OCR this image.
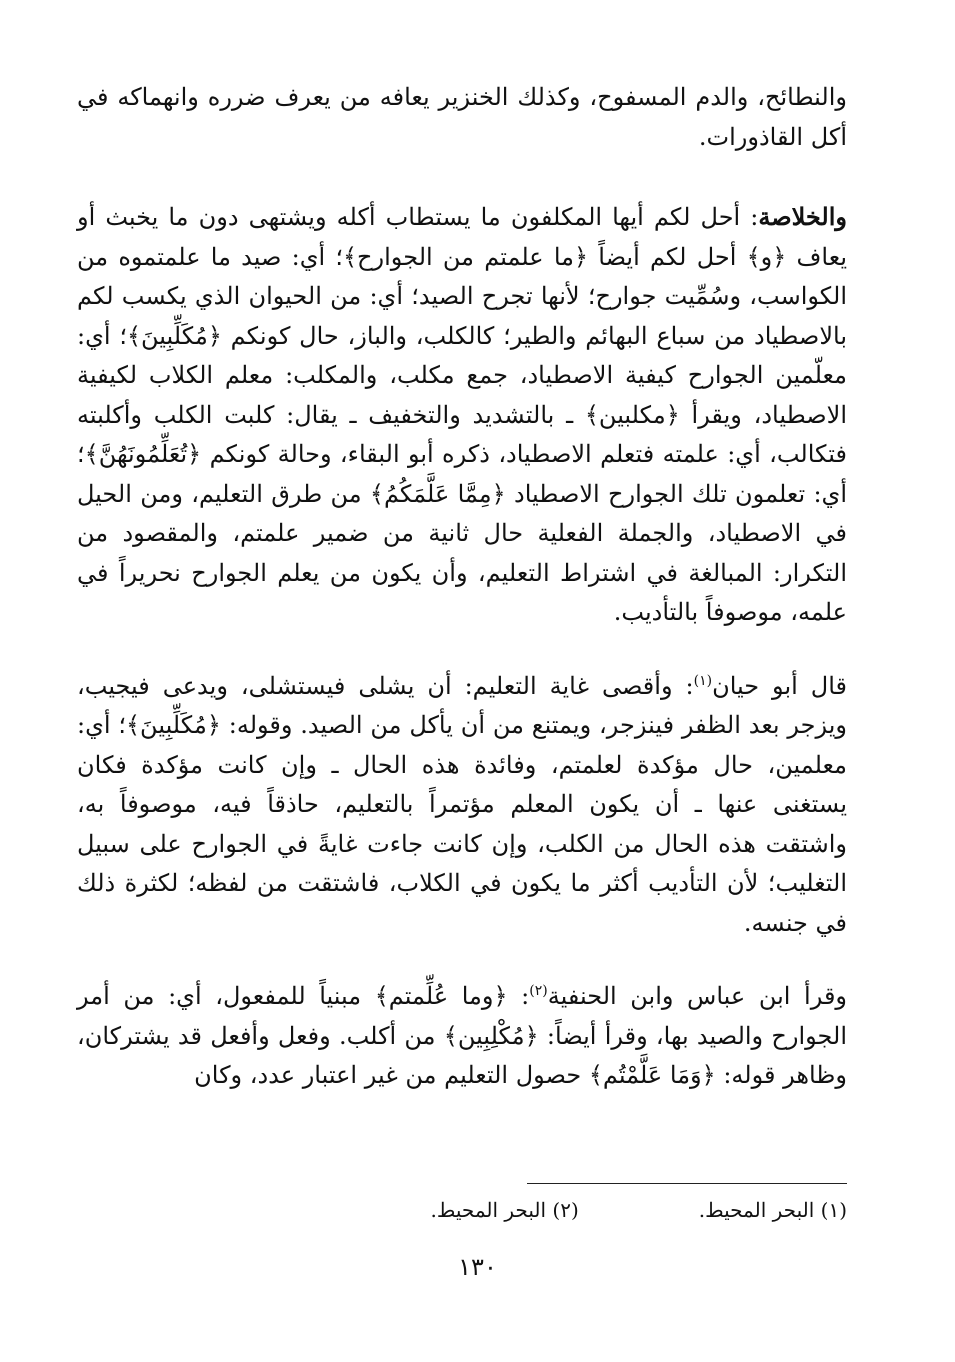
والنطائح، والدم المسفوح، وكذلك الخنزير يعافه من يعرف ضرره وانهماكه في أكل القاذورات.

والخلاصة: أحل لكم أيها المكلفون ما يستطاب أكله ويشتهى دون ما يخبث أو يعاف ﴿و﴾ أحل لكم أيضاً ﴿ما علمتم من الجوارح﴾؛ أي: صيد ما علمتموه من الكواسب، وسُمِّيت جوارح؛ لأنها تجرح الصيد؛ أي: من الحيوان الذي يكسب لكم بالاصطياد من سباع البهائم والطير؛ كالكلب، والباز، حال كونكم ﴿مُكَلِّبِينَ﴾؛ أي: معلّمين الجوارح كيفية الاصطياد، جمع مكلب، والمكلب: معلم الكلاب لكيفية الاصطياد، ويقرأ ﴿مكلبين﴾ ـ بالتشديد والتخفيف ـ يقال: كلبت الكلب وأكلبته فتكالب، أي: علمته فتعلم الاصطياد، ذكره أبو البقاء، وحالة كونكم ﴿تُعَلِّمُونَهُنَّ﴾؛ أي: تعلمون تلك الجوارح الاصطياد ﴿مِمَّا عَلَّمَكُمُ﴾ من طرق التعليم، ومن الحيل في الاصطياد، والجملة الفعلية حال ثانية من ضمير علمتم، والمقصود من التكرار: المبالغة في اشتراط التعليم، وأن يكون من يعلم الجوارح نحريراً في علمه، موصوفاً بالتأديب.

قال أبو حيان$^{(١)}$: وأقصى غاية التعليم: أن يشلى فيستشلى، ويدعى فيجيب، ويزجر بعد الظفر فينزجر، ويمتنع من أن يأكل من الصيد. وقوله: ﴿مُكَلِّبِينَ﴾؛ أي: معلمين، حال مؤكدة لعلمتم، وفائدة هذه الحال ـ وإن كانت مؤكدة فكان يستغنى عنها ـ أن يكون المعلم مؤتمراً بالتعليم، حاذقاً فيه، موصوفاً به، واشتقت هذه الحال من الكلب، وإن كانت جاءت غايةً في الجوارح على سبيل التغليب؛ لأن التأديب أكثر ما يكون في الكلاب، فاشتقت من لفظه؛ لكثرة ذلك في جنسه.

وقرأ ابن عباس وابن الحنفية$^{(٢)}$: ﴿وما عُلِّمتم﴾ مبنياً للمفعول، أي: من أمر الجوارح والصيد بها، وقرأ أيضاً: ﴿مُكْلِبِين﴾ من أكلب. وفعل وأفعل قد يشتركان، وظاهر قوله: ﴿وَمَا عَلَّمْتُم﴾ حصول التعليم من غير اعتبار عدد، وكان

(١) البحر المحيط.
(٢) البحر المحيط.
١٣٠
